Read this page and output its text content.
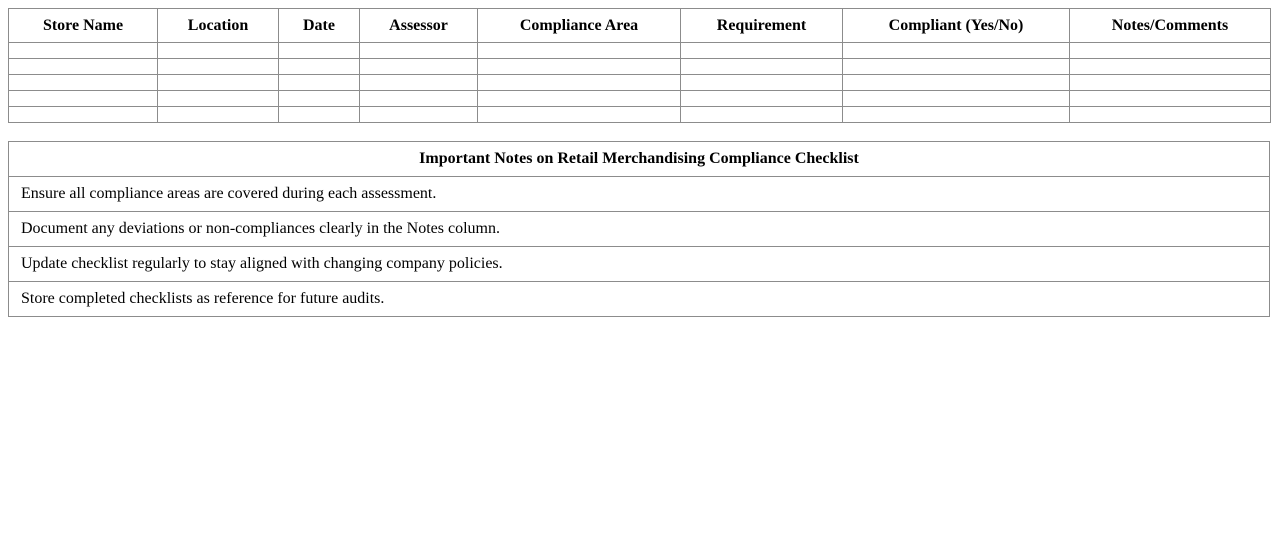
Store Name	Location	Date	Assessor	Compliance Area	Requirement	Compliant (Yes/No)	Notes/Comments

Important Notes on Retail Merchandising Compliance Checklist
Ensure all compliance areas are covered during each assessment.
Document any deviations or non-compliances clearly in the Notes column.
Update checklist regularly to stay aligned with changing company policies.
Store completed checklists as reference for future audits.
